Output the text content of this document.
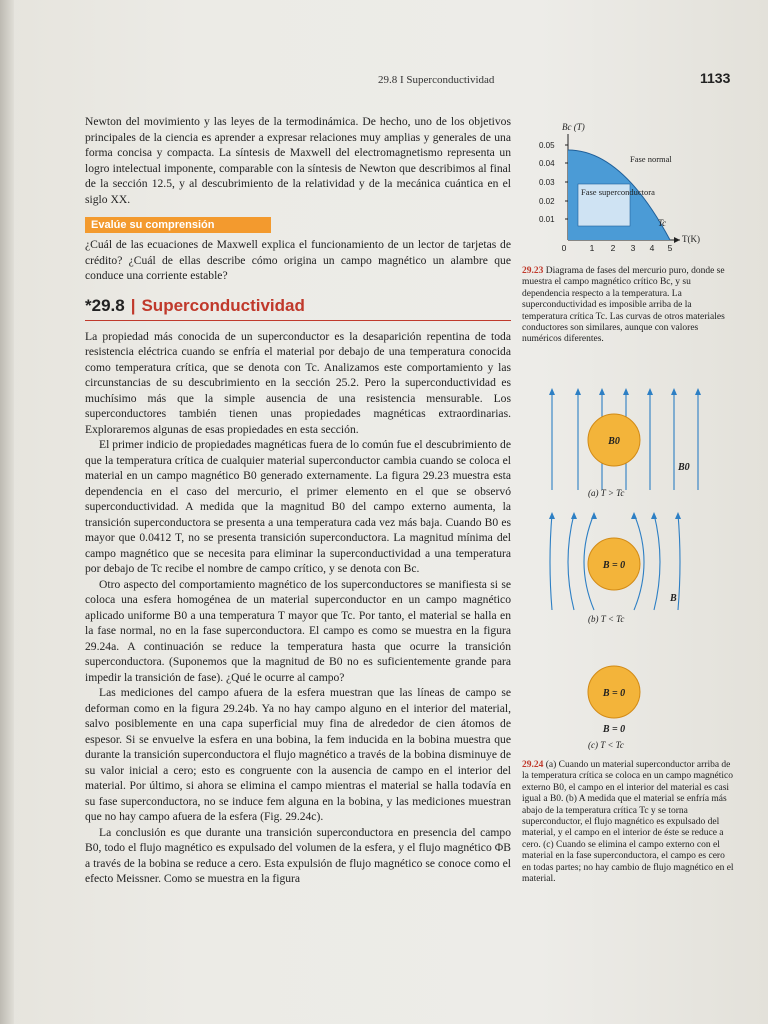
29.8 I Superconductividad	1133

Newton del movimiento y las leyes de la termodinámica. De hecho, uno de los objetivos principales de la ciencia es aprender a expresar relaciones muy amplias y generales de una forma concisa y compacta. La síntesis de Maxwell del electromagnetismo representa un logro intelectual imponente, comparable con la síntesis de Newton que describimos al final de la sección 12.5, y al descubrimiento de la relatividad y de la mecánica cuántica en el siglo XX.

Evalúe su comprensión

¿Cuál de las ecuaciones de Maxwell explica el funcionamiento de un lector de tarjetas de crédito? ¿Cuál de ellas describe cómo origina un campo magnético un alambre que conduce una corriente estable?

*29.8 | Superconductividad

La propiedad más conocida de un superconductor es la desaparición repentina de toda resistencia eléctrica cuando se enfría el material por debajo de una temperatura conocida como temperatura crítica, que se denota con Tc. Analizamos este comportamiento y las circunstancias de su descubrimiento en la sección 25.2. Pero la superconductividad es muchísimo más que la simple ausencia de una resistencia mensurable. Los superconductores también tienen unas propiedades magnéticas extraordinarias. Exploraremos algunas de esas propiedades en esta sección.

El primer indicio de propiedades magnéticas fuera de lo común fue el descubrimiento de que la temperatura crítica de cualquier material superconductor cambia cuando se coloca el material en un campo magnético B0 generado externamente. La figura 29.23 muestra esta dependencia en el caso del mercurio, el primer elemento en el que se observó superconductividad. A medida que la magnitud B0 del campo externo aumenta, la transición superconductora se presenta a una temperatura cada vez más baja. Cuando B0 es mayor que 0.0412 T, no se presenta transición superconductora. La magnitud mínima del campo magnético que se necesita para eliminar la superconductividad a una temperatura por debajo de Tc recibe el nombre de campo crítico, y se denota con Bc.

Otro aspecto del comportamiento magnético de los superconductores se manifiesta si se coloca una esfera homogénea de un material superconductor en un campo magnético aplicado uniforme B0 a una temperatura T mayor que Tc. Por tanto, el material se halla en la fase normal, no en la fase superconductora. El campo es como se muestra en la figura 29.24a. A continuación se reduce la temperatura hasta que ocurre la transición superconductora. (Suponemos que la magnitud de B0 no es suficientemente grande para impedir la transición de fase). ¿Qué le ocurre al campo?

Las mediciones del campo afuera de la esfera muestran que las líneas de campo se deforman como en la figura 29.24b. Ya no hay campo alguno en el interior del material, salvo posiblemente en una capa superficial muy fina de alrededor de cien átomos de espesor. Si se envuelve la esfera en una bobina, la fem inducida en la bobina muestra que durante la transición superconductora el flujo magnético a través de la bobina disminuye de su valor inicial a cero; esto es congruente con la ausencia de campo en el interior del material. Por último, si ahora se elimina el campo mientras el material se halla todavía en su fase superconductora, no se induce fem alguna en la bobina, y las mediciones muestran que no hay campo afuera de la esfera (Fig. 29.24c).

La conclusión es que durante una transición superconductora en presencia del campo B0, todo el flujo magnético es expulsado del volumen de la esfera, y el flujo magnético ΦB a través de la bobina se reduce a cero. Esta expulsión de flujo magnético se conoce como el efecto Meissner. Como se muestra en la figura

Bc (T)
0.05
0.04
0.03
0.02
0.01
0	1 2 3 4 5
T(K)
Fase normal
Fase superconductora
Tc

29.23 Diagrama de fases del mercurio puro, donde se muestra el campo magnético crítico Bc, y su dependencia respecto a la temperatura. La superconductividad es imposible arriba de la temperatura crítica Tc. Las curvas de otros materiales conductores son similares, aunque con valores numéricos diferentes.

B0
B0
(a) T > Tc
B = 0
B
(b) T < Tc
B = 0
B = 0
(c) T < Tc

29.24 (a) Cuando un material superconductor arriba de la temperatura crítica se coloca en un campo magnético externo B0, el campo en el interior del material es casi igual a B0. (b) A medida que el material se enfría más abajo de la temperatura crítica Tc y se torna superconductor, el flujo magnético es expulsado del material, y el campo en el interior de éste se reduce a cero. (c) Cuando se elimina el campo externo con el material en la fase superconductora, el campo es cero en todas partes; no hay cambio de flujo magnético en el material.
